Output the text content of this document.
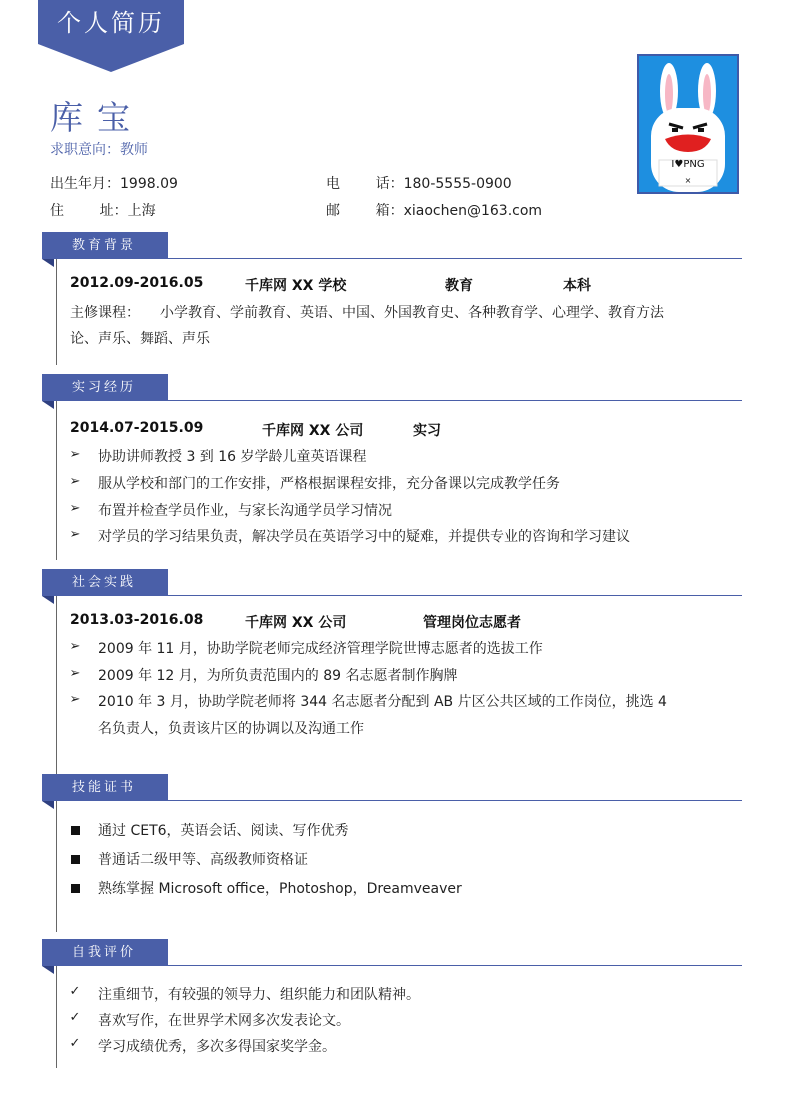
个人简历
库宝
求职意向：教师
出生年月：1998.09
住        址：上海
电        话：180-5555-0900
邮        箱：xiaochen@163.com
I♥PNG
×
教育背景
2012.09-2016.05	千库网 XX 学校	教育	本科
主修课程： 小学教育、学前教育、英语、中国、外国教育史、各种教育学、心理学、教育方法
论、声乐、舞蹈、声乐
实习经历
2014.07-2015.09	千库网 XX 公司	实习
➢ 协助讲师教授 3 到 16 岁学龄儿童英语课程
➢ 服从学校和部门的工作安排，严格根据课程安排，充分备课以完成教学任务
➢ 布置并检查学员作业，与家长沟通学员学习情况
➢ 对学员的学习结果负责，解决学员在英语学习中的疑难，并提供专业的咨询和学习建议
社会实践
2013.03-2016.08	千库网 XX 公司	管理岗位志愿者
➢ 2009 年 11 月，协助学院老师完成经济管理学院世博志愿者的选拔工作
➢ 2009 年 12 月，为所负责范围内的 89 名志愿者制作胸牌
➢ 2010 年 3 月，协助学院老师将 344 名志愿者分配到 AB 片区公共区域的工作岗位，挑选 4
名负责人，负责该片区的协调以及沟通工作
技能证书
通过 CET6，英语会话、阅读、写作优秀
普通话二级甲等、高级教师资格证
熟练掌握 Microsoft office，Photoshop，Dreamveaver
自我评价
✓ 注重细节，有较强的领导力、组织能力和团队精神。
✓ 喜欢写作，在世界学术网多次发表论文。
✓ 学习成绩优秀，多次多得国家奖学金。
